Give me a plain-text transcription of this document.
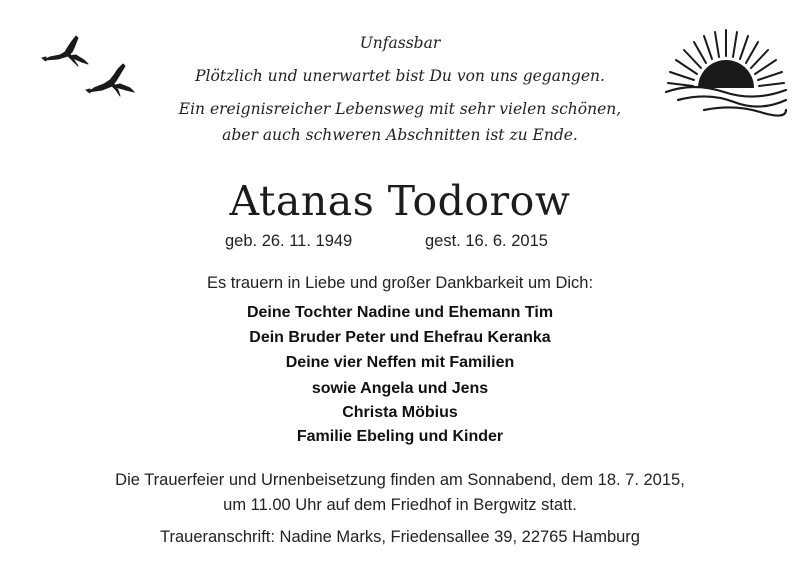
Unfassbar
Plötzlich und unerwartet bist Du von uns gegangen.
Ein ereignisreicher Lebensweg mit sehr vielen schönen,
aber auch schweren Abschnitten ist zu Ende.
Atanas Todorow
geb. 26. 11. 1949	gest. 16. 6. 2015
Es trauern in Liebe und großer Dankbarkeit um Dich:
Deine Tochter Nadine und Ehemann Tim
Dein Bruder Peter und Ehefrau Keranka
Deine vier Neffen mit Familien
sowie Angela und Jens
Christa Möbius
Familie Ebeling und Kinder
Die Trauerfeier und Urnenbeisetzung finden am Sonnabend, dem 18. 7. 2015,
um 11.00 Uhr auf dem Friedhof in Bergwitz statt.
Traueranschrift: Nadine Marks, Friedensallee 39, 22765 Hamburg
